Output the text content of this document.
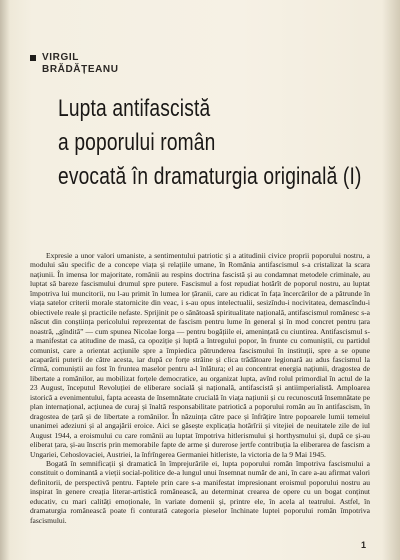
VIRGIL
BRĂDĂȚEANU
Lupta antifascistă
a poporului român
evocată în dramaturgia originală (I)

Expresie a unor valori umaniste, a sentimentului patriotic și a atitudinii civice proprii poporului nostru, a modului său specific de a concepe viața și relațiile umane, în România antifascismul s-a cristalizat la scara națiunii. În imensa lor majoritate, românii au respins doctrina fascistă și au condamnat metodele criminale, au luptat să bareze fascismului drumul spre putere. Fascismul a fost repudiat hotărît de poporul nostru, au luptat împotriva lui muncitorii, nu l-au primit în lumea lor țăranii, care au ridicat în fața încercărilor de a pătrunde în viața satelor criterii morale statornicite din veac, i s-au opus intelectualii, sesizîndu-i nocivitatea, demascîndu-i obiectivele reale și practicile nefaste. Sprijinit pe o sănătoasă spiritualitate națională, antifascismul românesc s-a născut din conștiința pericolului reprezentat de fascism pentru lume în general și în mod concret pentru țara noastră, „gîndită” — cum spunea Nicolae Iorga — pentru bogățiile ei, amenințată cu ciuntirea. Antifascismul s-a manifestat ca atitudine de masă, ca opoziție și luptă a întregului popor, în frunte cu comuniștii, cu partidul comunist, care a orientat acțiunile spre a împiedica pătrunderea fascismului în instituții, spre a se opune acaparării puterii de către acesta, iar după ce forțe străine și clica trădătoare legionară au adus fascismul la cîrmă, comuniștii au fost în fruntea maselor pentru a-l înlătura; el au concentrat energia națiunii, dragostea de libertate a românilor, au mobilizat forțele democratice, au organizat lupta, avînd rolul primordial în actul de la 23 August, începutul Revoluției de eliberare socială și națională, antifascistă și antiimperialistă. Amploarea istorică a evenimentului, fapta aceasta de însemnătate crucială în viața națiunii și cu recunoscută însemnătate pe plan internațional, acțiunea de curaj și înaltă responsabilitate patriotică a poporului român au în antifascism, în dragostea de țară și de libertate a românilor. În năzuința către pace și înfrățire între popoarele lumii temeiul unanimei adeziuni și al angajării eroice. Aici se găsește explicația hotărîrii și vitejiei de neuitatele zile de iul August 1944, a eroismului cu care românii au luptat împotriva hitlerismului și horthysmului și, după ce și-au eliberat țara, și-au înscris prin memorabile fapte de arme și durerose jertfe contribuția la eliberarea de fascism a Ungariei, Cehoslovaciei, Austriei, la înfrîngerea Germaniei hitleriste, la victoria de la 9 Mai 1945.

Bogată în semnificații și dramatică în împrejurările ei, lupta poporului român împotriva fascismului a constituit o dominantă a vieții social-politice de-a lungul unui însemnat număr de ani, în care a-au afirmat valori definitorii, de perspectivă pentru. Faptele prin care s-a manifestat impresionant eroismul poporului nostru au inspirat în genere creația literar-artistică românească, au determinat crearea de opere cu un bogat conținut educativ, cu mari calități emoționale, în variate domenii și, printre ele, în acela al teatrului. Astfel, în dramaturgia românească poate fi conturată categoria pieselor închinate luptei poporului român împotriva fascismului.

1
